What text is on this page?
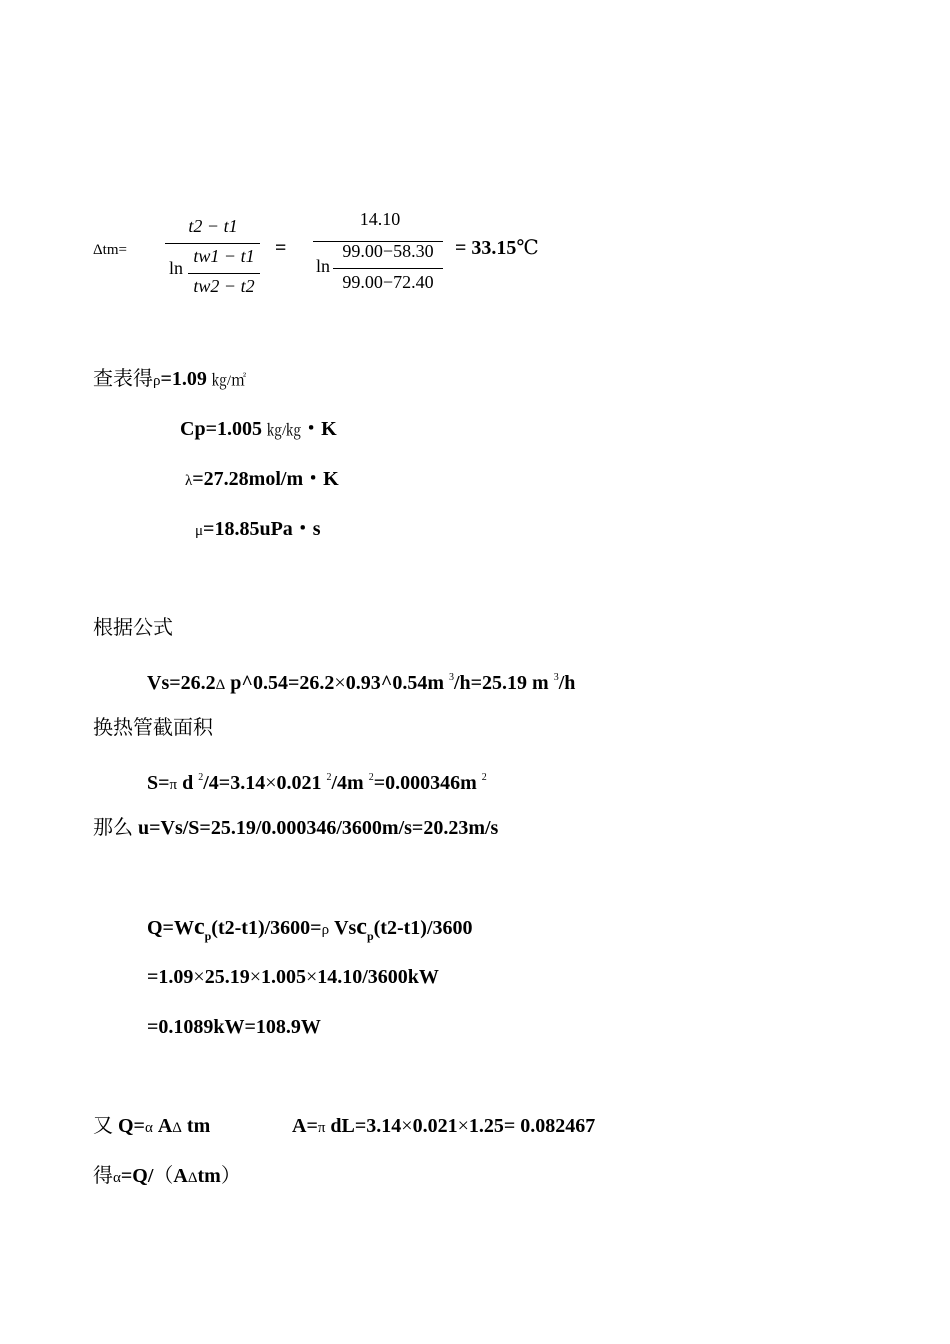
Δtm=
t2 − t1
ln
tw1 − t1
tw2 − t2
=
14.10
ln
99.00−58.30
99.00−72.40
= 33.15℃
查表得ρ=1.09 ㎏/㎡
Cp=1.005 ㎏/㎏・K
λ=27.28mol/m・K
μ=18.85uPa・s
根据公式
Vs=26.2Δ p^0.54=26.2×0.93^0.54m $^3$/h=25.19 m $^3$/h
换热管截面积
S=π d $^2$/4=3.14×0.021 $^2$/4m $^2$=0.000346m $^2$
那么 u=Vs/S=25.19/0.000346/3600m/s=20.23m/s
$Q=Wc_p(t2-t1)/3600=\rho$ Vsc$_p$(t2-t1)/3600
=1.09×25.19×1.005×14.10/3600kW
=0.1089kW=108.9W
又 Q=α AΔ tm	A=π dL=3.14×0.021×1.25= 0.082467
得α=Q/（AΔtm）
